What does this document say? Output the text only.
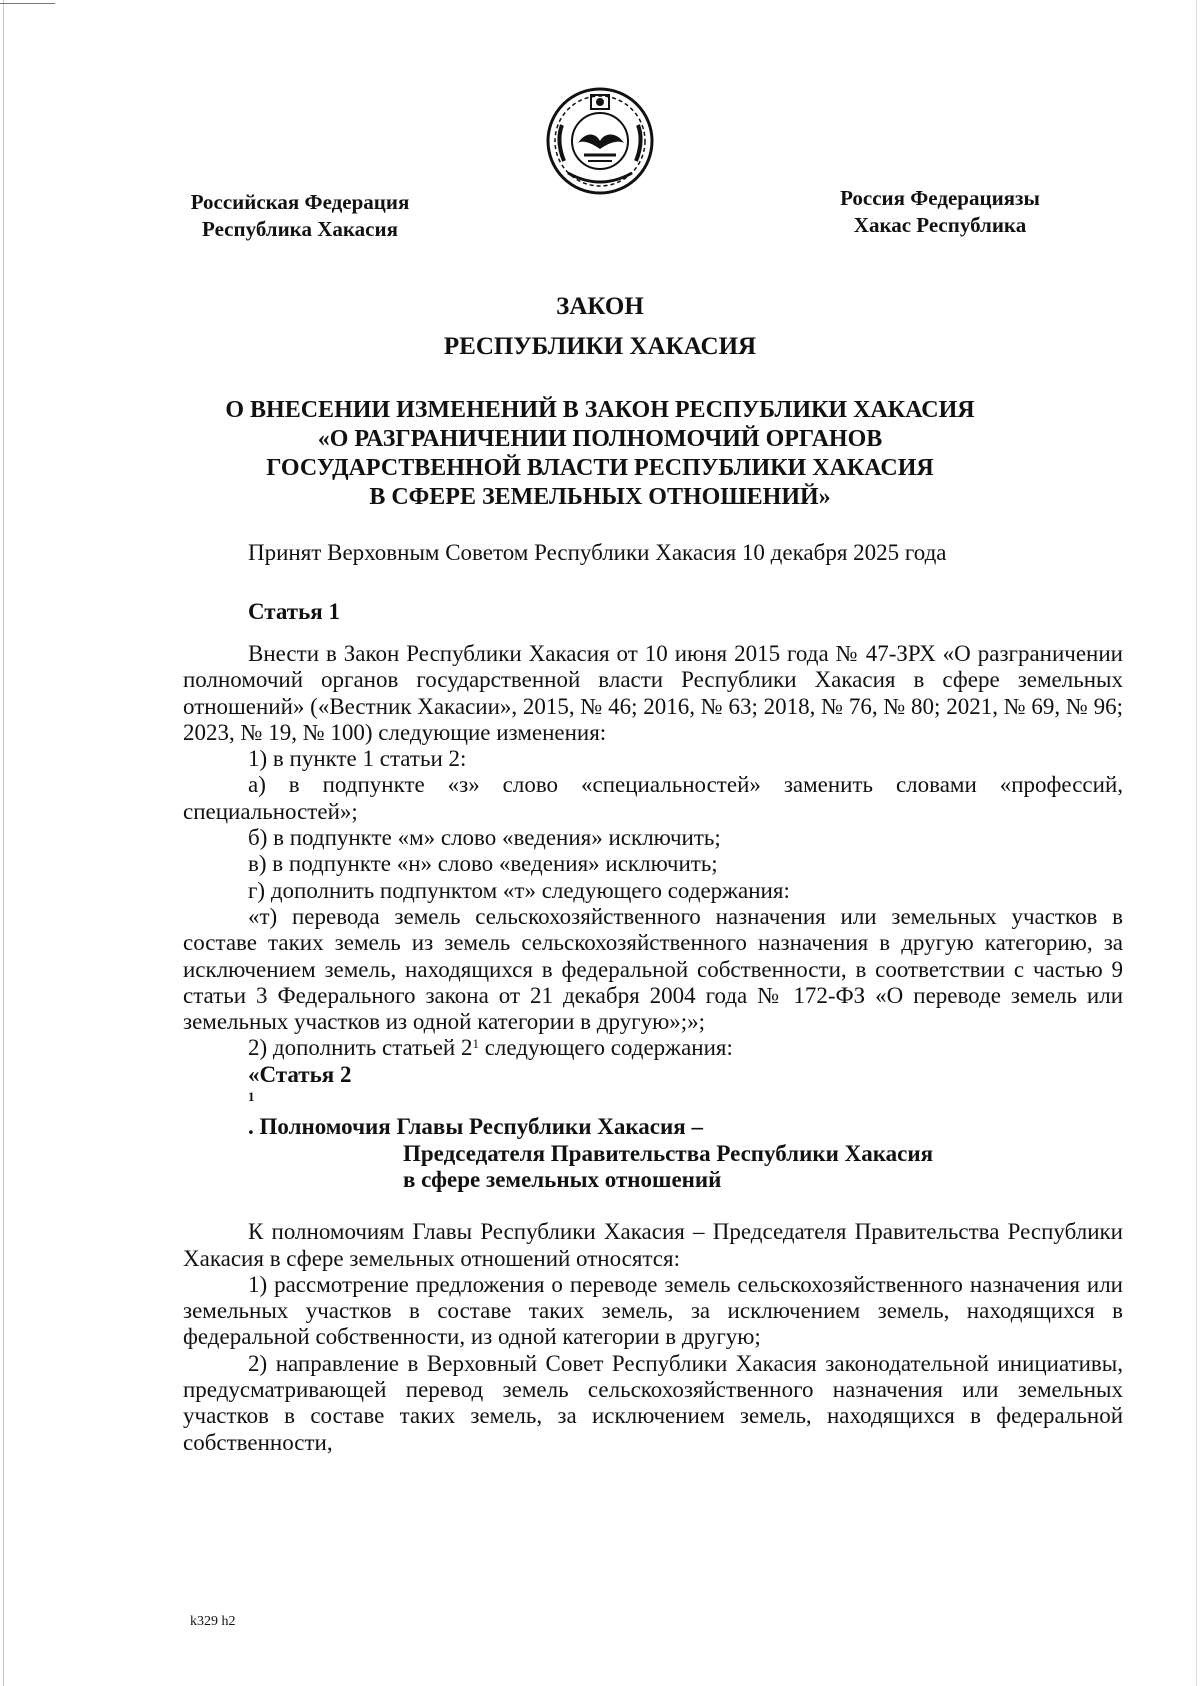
Российская Федерация
Республика Хакасия
Россия Федерациязы
Хакас Республика
ЗАКОН
РЕСПУБЛИКИ ХАКАСИЯ
О ВНЕСЕНИИ ИЗМЕНЕНИЙ В ЗАКОН РЕСПУБЛИКИ ХАКАСИЯ
«О РАЗГРАНИЧЕНИИ ПОЛНОМОЧИЙ ОРГАНОВ
ГОСУДАРСТВЕННОЙ ВЛАСТИ РЕСПУБЛИКИ ХАКАСИЯ
В СФЕРЕ ЗЕМЕЛЬНЫХ ОТНОШЕНИЙ»
Принят Верховным Советом Республики Хакасия 10 декабря 2025 года
Статья 1

Внести в Закон Республики Хакасия от 10 июня 2015 года № 47-ЗРХ «О разграничении полномочий органов государственной власти Республики Хакасия в сфере земельных отношений» («Вестник Хакасии», 2015, № 46; 2016, № 63; 2018, № 76, № 80; 2021, № 69, № 96; 2023, № 19, № 100) следующие изменения:

1) в пункте 1 статьи 2:

а) в подпункте «з» слово «специальностей» заменить словами «профессий, специальностей»;

б) в подпункте «м» слово «ведения» исключить;

в) в подпункте «н» слово «ведения» исключить;

г) дополнить подпунктом «т» следующего содержания:

«т) перевода земель сельскохозяйственного назначения или земельных участков в составе таких земель из земель сельскохозяйственного назначения в другую категорию, за исключением земель, находящихся в федеральной собственности, в соответствии с частью 9 статьи 3 Федерального закона от 21 декабря 2004 года № 172-ФЗ «О переводе земель или земельных участков из одной категории в другую»;»;

2) дополнить статьей $2^1$ следующего содержания:

«Статья 2
$^1$
. Полномочия Главы Республики Хакасия –
Председателя Правительства Республики Хакасия
в сфере земельных отношений

К полномочиям Главы Республики Хакасия – Председателя Правительства Республики Хакасия в сфере земельных отношений относятся:

1) рассмотрение предложения о переводе земель сельскохозяйственного назначения или земельных участков в составе таких земель, за исключением земель, находящихся в федеральной собственности, из одной категории в другую;

2) направление в Верховный Совет Республики Хакасия законодательной инициативы, предусматривающей перевод земель сельскохозяйственного назначения или земельных участков в составе таких земель, за исключением земель, находящихся в федеральной собственности,

k329 h2
